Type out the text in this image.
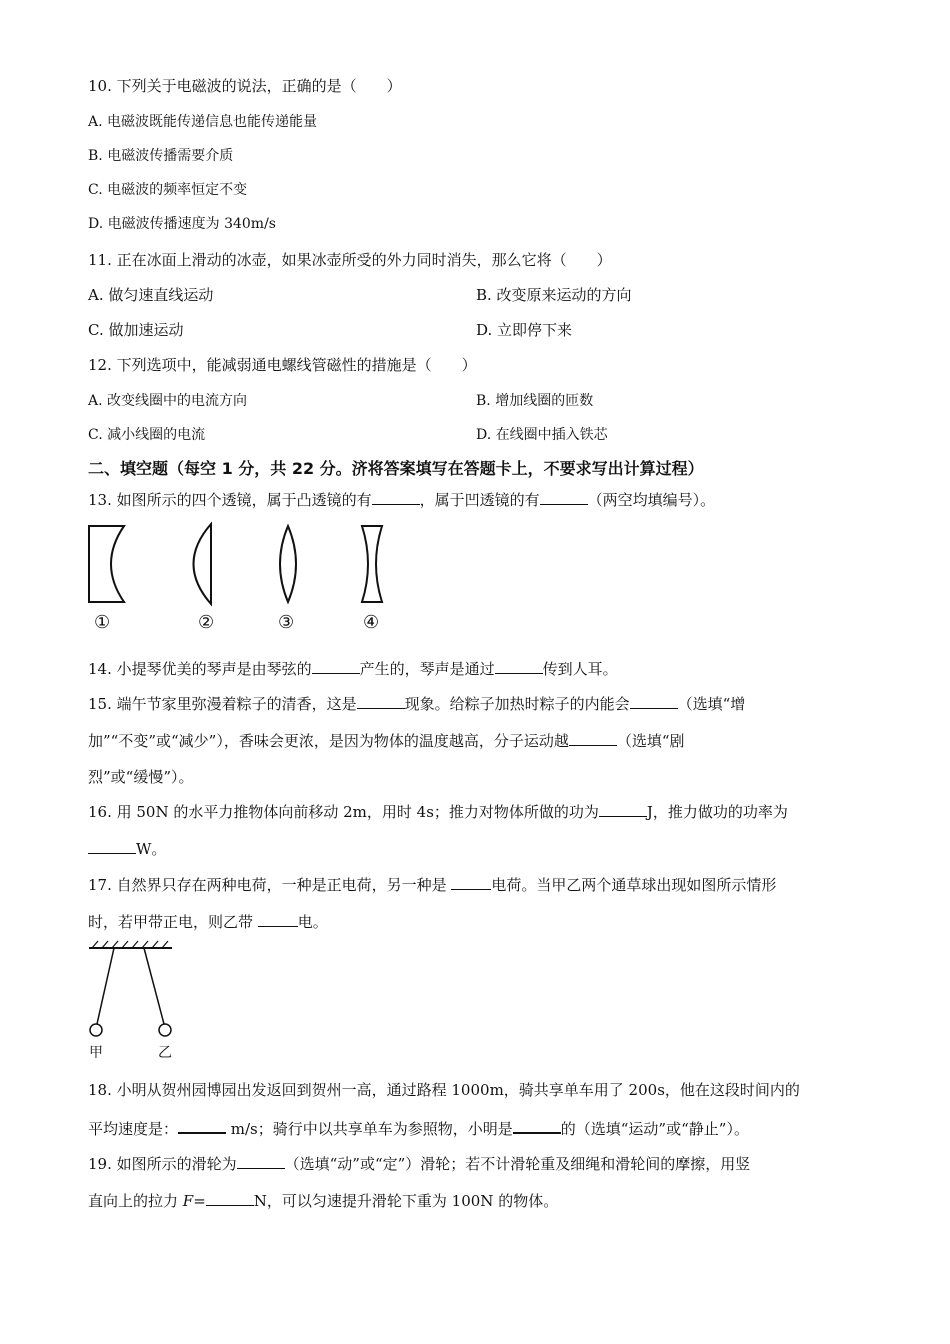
10. 下列关于电磁波的说法，正确的是（　　）
A. 电磁波既能传递信息也能传递能量
B. 电磁波传播需要介质
C. 电磁波的频率恒定不变
D. 电磁波传播速度为 340m/s
11. 正在冰面上滑动的冰壶，如果冰壶所受的外力同时消失，那么它将（　　）
A. 做匀速直线运动	B. 改变原来运动的方向
C. 做加速运动	D. 立即停下来
12. 下列选项中，能减弱通电螺线管磁性的措施是（　　）
A. 改变线圈中的电流方向	B. 增加线圈的匝数
C. 减小线圈的电流	D. 在线圈中插入铁芯
二、填空题（每空 1 分，共 22 分。济将答案填写在答题卡上，不要求写出计算过程）
13. 如图所示的四个透镜，属于凸透镜的有	，属于凹透镜的有	（两空均填编号）。
①	②	③	④
14. 小提琴优美的琴声是由琴弦的	产生的，琴声是通过	传到人耳。
15. 端午节家里弥漫着粽子的清香，这是	现象。给粽子加热时粽子的内能会	（选填“增
加”“不变”或“减少”），香味会更浓，是因为物体的温度越高，分子运动越	（选填“剧
烈”或“缓慢”）。
16. 用 50N 的水平力推物体向前移动 2m，用时 4s；推力对物体所做的功为	J，推力做功的功率为
W。
17. 自然界只存在两种电荷，一种是正电荷，另一种是	电荷。当甲乙两个通草球出现如图所示情形
时，若甲带正电，则乙带	电。
甲	乙
18. 小明从贺州园博园出发返回到贺州一高，通过路程 1000m，骑共享单车用了 200s，他在这段时间内的
平均速度是：	m/s；骑行中以共享单车为参照物，小明是	的（选填“运动”或“静止”）。
19. 如图所示的滑轮为	（选填“动”或“定”）滑轮；若不计滑轮重及细绳和滑轮间的摩擦，用竖
直向上的拉力 F=	N，可以匀速提升滑轮下重为 100N 的物体。
